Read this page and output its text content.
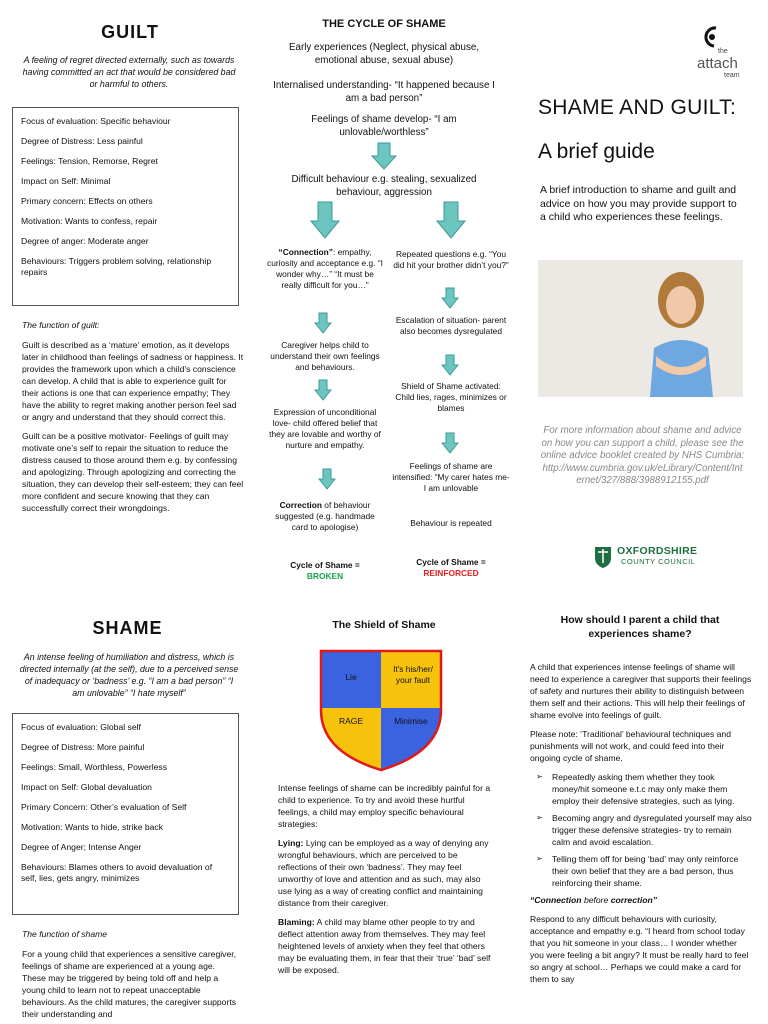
GUILT
A feeling of regret directed externally, such as towards having committed an act that would be considered bad or harmful to others.

Focus of evaluation: Specific behaviour

Degree of Distress: Less painful

Feelings: Tension, Remorse, Regret

Impact on Self: Minimal

Primary concern: Effects on others

Motivation: Wants to confess, repair

Degree of anger: Moderate anger

Behaviours: Triggers problem solving, relationship repairs

The function of guilt:

Guilt is described as a ‘mature’ emotion, as it develops later in childhood than feelings of sadness or happiness. It provides the framework upon which a child’s conscience can develop. A child that is able to experience guilt for their actions is one that can experience empathy; They have the ability to regret making another person feel sad or angry and understand that they should correct this.

Guilt can be a positive motivator- Feelings of guilt may motivate one’s self to repair the situation to reduce the distress caused to those around them e.g. by confessing and apologizing. Through apologizing and correcting the situation, they can develop their self-esteem; they can feel more confident and secure knowing that they can successfully correct their wrongdoings.

THE CYCLE OF SHAME
Early experiences (Neglect, physical abuse, emotional abuse, sexual abuse)
Internalised understanding- “It happened because I am a bad person”
Feelings of shame develop- “I am unlovable/worthless”
Difficult behaviour e.g. stealing, sexualized behaviour, aggression
“Connection”: empathy, curiosity and acceptance e.g. “I wonder why…” “It must be really difficult for you…”
Caregiver helps child to understand their own feelings and behaviours.
Expression of unconditional love- child offered belief that they are lovable and worthy of nurture and empathy.
Correction of behaviour suggested (e.g. handmade card to apologise)
Cycle of Shame =
BROKEN
Repeated questions e.g. “You did hit your brother didn’t you?”
Escalation of situation- parent also becomes dysregulated
Shield of Shame activated: Child lies, rages, minimizes or blames
Feelings of shame are intensified: “My carer hates me- I am unlovable
Behaviour is repeated
Cycle of Shame =
REINFORCED
the
attach
team
SHAME AND GUILT:
A brief guide
A brief introduction to shame and guilt and advice on how you may provide support to a child who experiences these feelings.
For more information about shame and advice on how you can support a child, please see the online advice booklet created by NHS Cumbria: http://www.cumbria.gov.uk/eLibrary/Content/Internet/327/888/3988912155.pdf
OXFORDSHIRE
COUNTY COUNCIL
SHAME
An intense feeling of humiliation and distress, which is directed internally (at the self), due to a perceived sense of inadequacy or ‘badness’ e.g. “I am a bad person” “I am unlovable” “I hate myself”

Focus of evaluation: Global self

Degree of Distress: More painful

Feelings: Small, Worthless, Powerless

Impact on Self: Global devaluation

Primary Concern: Other’s evaluation of Self

Motivation: Wants to hide, strike back

Degree of Anger; Intense Anger

Behaviours: Blames others to avoid devaluation of self, lies, gets angry, minimizes

The function of shame

For a young child that experiences a sensitive caregiver, feelings of shame are experienced at a young age. These may be triggered by being told off and help a young child to learn not to repeat unacceptable behaviours. As the child matures, the caregiver supports their understanding and

The Shield of Shame
Lie
It's his/her/ your fault
RAGE	Minimise

Intense feelings of shame can be incredibly painful for a child to experience. To try and avoid these hurtful feelings, a child may employ specific behavioural strategies:

Lying: Lying can be employed as a way of denying any wrongful behaviours, which are perceived to be reflections of their own ‘badness’. They may feel unworthy of love and attention and as such, may also use lying as a way of creating conflict and maintaining distance from their caregiver.

Blaming: A child may blame other people to try and deflect attention away from themselves. They may feel heightened levels of anxiety when they feel that others may be evaluating them, in fear that their ‘true’ ‘bad’ self will be exposed.

How should I parent a child that experiences shame?

A child that experiences intense feelings of shame will need to experience a caregiver that supports their feelings of safety and nurtures their ability to distinguish between them self and their actions. This will help their feelings of shame evolve into feelings of guilt.

Please note: ‘Traditional’ behavioural techniques and punishments will not work, and could feed into their ongoing cycle of shame.

➢ Repeatedly asking them whether they took money/hit someone e.t.c may only make them employ their defensive strategies, such as lying.
➢ Becoming angry and dysregulated yourself may also trigger these defensive strategies- try to remain calm and avoid escalation.
➢ Telling them off for being ‘bad’ may only reinforce their own belief that they are a bad person, thus reinforcing their shame.

“Connection before correction”

Respond to any difficult behaviours with curiosity, acceptance and empathy e.g. “I heard from school today that you hit someone in your class… I wonder whether you were feeling a bit angry? It must be really hard to feel so angry at school… Perhaps we could make a card for them to say
